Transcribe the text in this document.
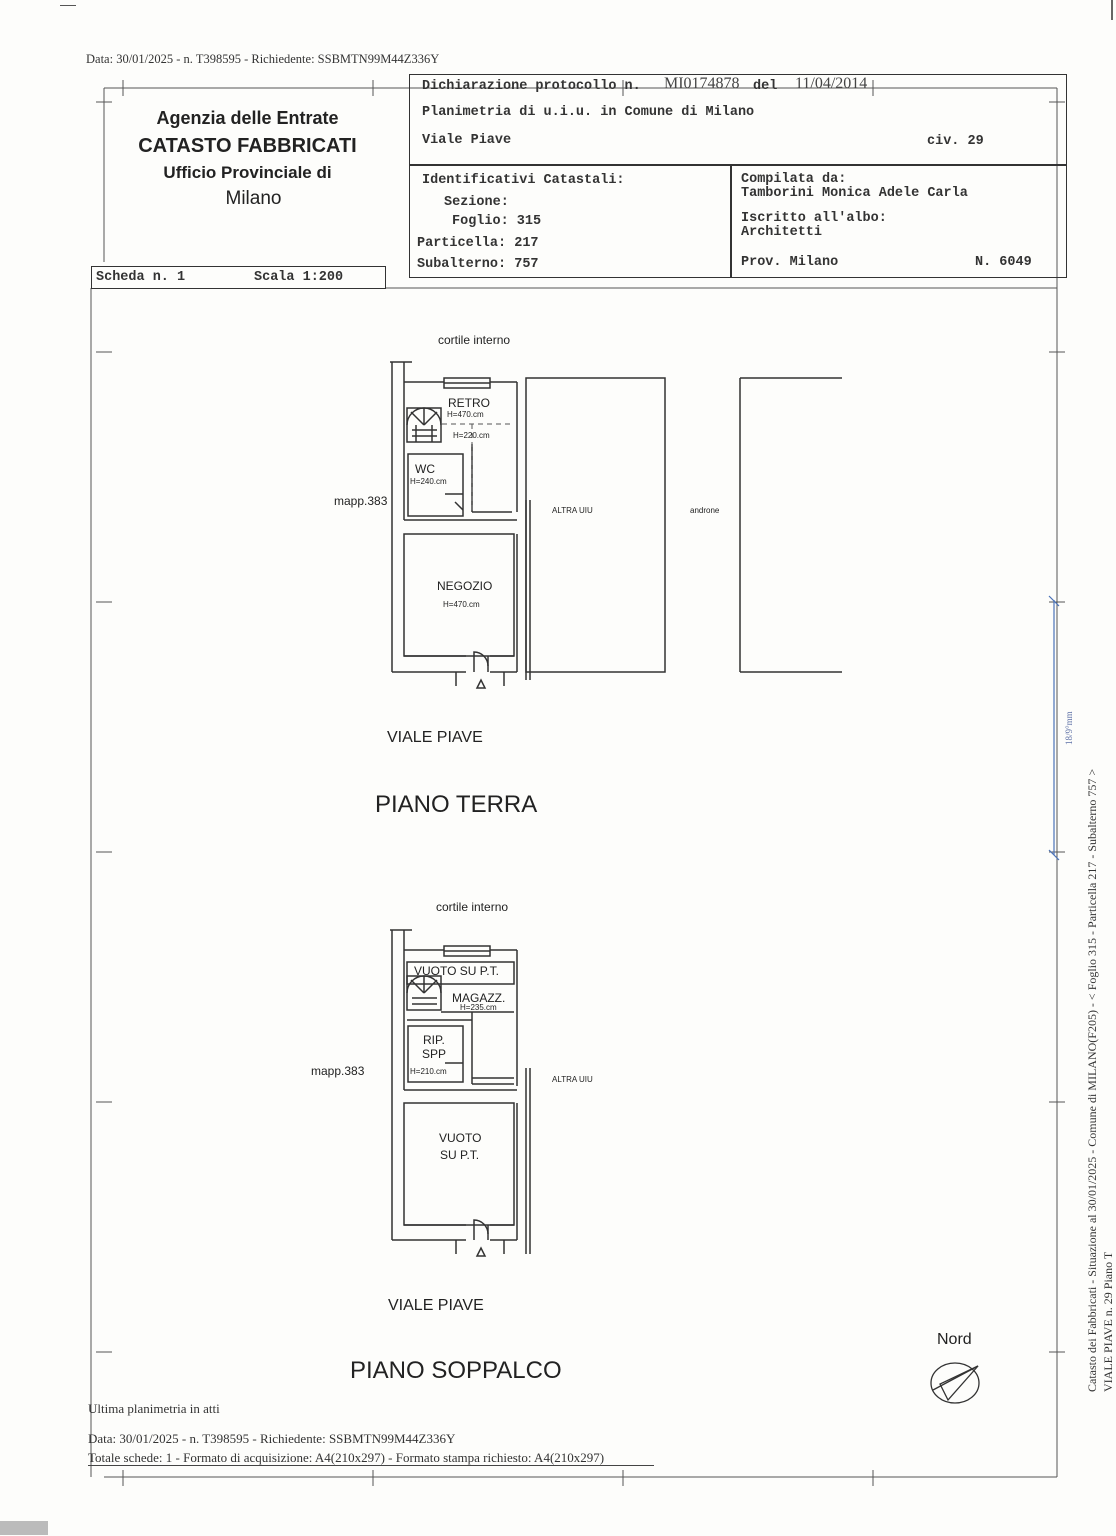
Data: 30/01/2025 - n. T398595 - Richiedente: SSBMTN99M44Z336Y
Agenzia delle Entrate
CATASTO FABBRICATI
Ufficio Provinciale di
Milano
Scheda n. 1	Scala 1:200
Dichiarazione protocollo n. MI0174878 del 11/04/2014
Planimetria di u.i.u. in Comune di Milano
Viale Piave	civ. 29
Identificativi Catastali:
Sezione:
Foglio: 315
Particella: 217
Subalterno: 757
Compilata da:
Tamborini Monica Adele Carla
Iscritto all'albo:
Architetti
Prov. Milano	N. 6049
cortile interno
RETRO
H=470.cm
H=220.cm
WC
H=240.cm
mapp.383
ALTRA UIU	androne
NEGOZIO
H=470.cm
VIALE PIAVE
PIANO TERRA
cortile interno
VUOTO SU P.T.
MAGAZZ.
H=235.cm
RIP.
SPP
H=210.cm
mapp.383
ALTRA UIU
VUOTO
SU P.T.
VIALE PIAVE
PIANO SOPPALCO
Nord	Catasto dei Fabbricati - Situazione al 30/01/2025 - Comune di MILANO(F205) - < Foglio 315 - Particella 217 - Subalterno 757 > VIALE PIAVE n. 29 Piano T
18/9°mm
Ultima planimetria in atti
Data: 30/01/2025 - n. T398595 - Richiedente: SSBMTN99M44Z336Y
Totale schede: 1 - Formato di acquisizione: A4(210x297) - Formato stampa richiesto: A4(210x297)
